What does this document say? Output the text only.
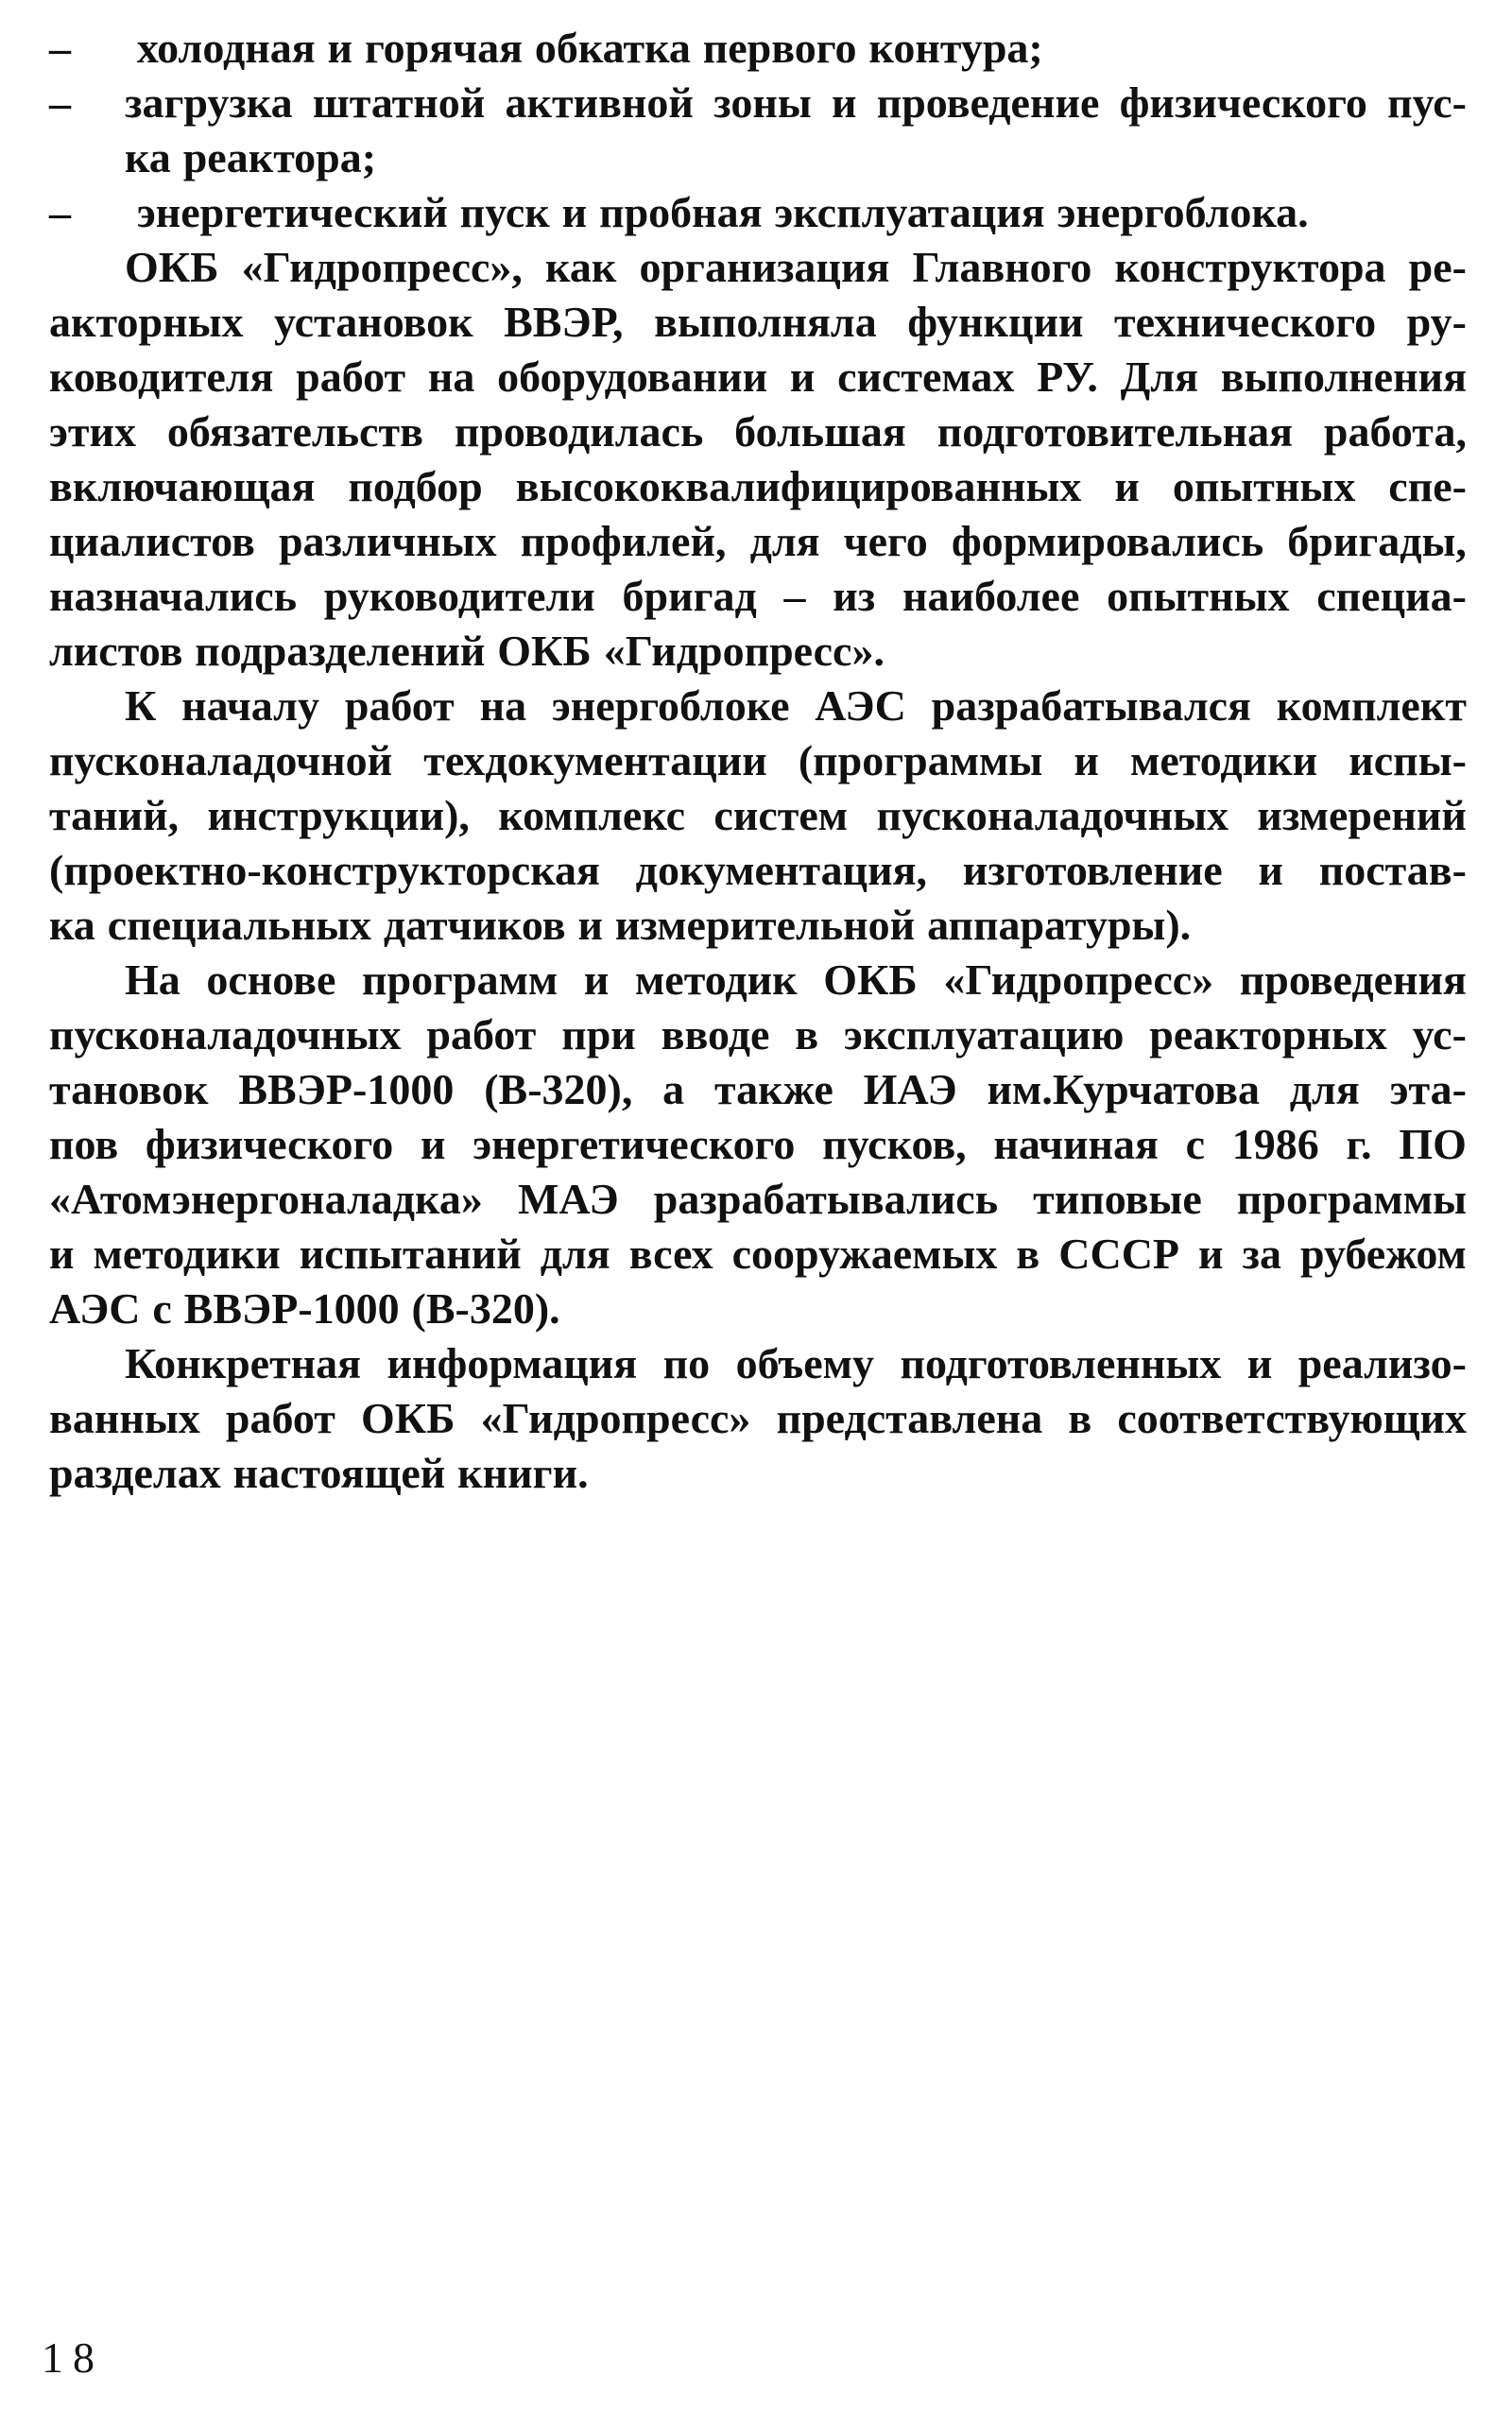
–	холодная и горячая обкатка первого контура;
–	загрузка штатной активной зоны и проведение физического пус-
ка реактора;
–	энергетический пуск и пробная эксплуатация энергоблока.
ОКБ «Гидропресс», как организация Главного конструктора ре-
акторных установок ВВЭР, выполняла функции технического ру-
ководителя работ на оборудовании и системах РУ. Для выполнения
этих обязательств проводилась большая подготовительная работа,
включающая подбор высококвалифицированных и опытных спе-
циалистов различных профилей, для чего формировались бригады,
назначались руководители бригад – из наиболее опытных специа-
листов подразделений ОКБ «Гидропресс».
К началу работ на энергоблоке АЭС разрабатывался комплект
пусконаладочной техдокументации (программы и методики испы-
таний, инструкции), комплекс систем пусконаладочных измерений
(проектно-конструкторская документация, изготовление и постав-
ка специальных датчиков и измерительной аппаратуры).
На основе программ и методик ОКБ «Гидропресс» проведения
пусконаладочных работ при вводе в эксплуатацию реакторных ус-
тановок ВВЭР-1000 (В-320), а также ИАЭ им.Курчатова для эта-
пов физического и энергетического пусков, начиная с 1986 г. ПО
«Атомэнергоналадка» МАЭ разрабатывались типовые программы
и методики испытаний для всех сооружаемых в СССР и за рубежом
АЭС с ВВЭР-1000 (В-320).
Конкретная информация по объему подготовленных и реализо-
ванных работ ОКБ «Гидропресс» представлена в соответствующих
разделах настоящей книги.
18
